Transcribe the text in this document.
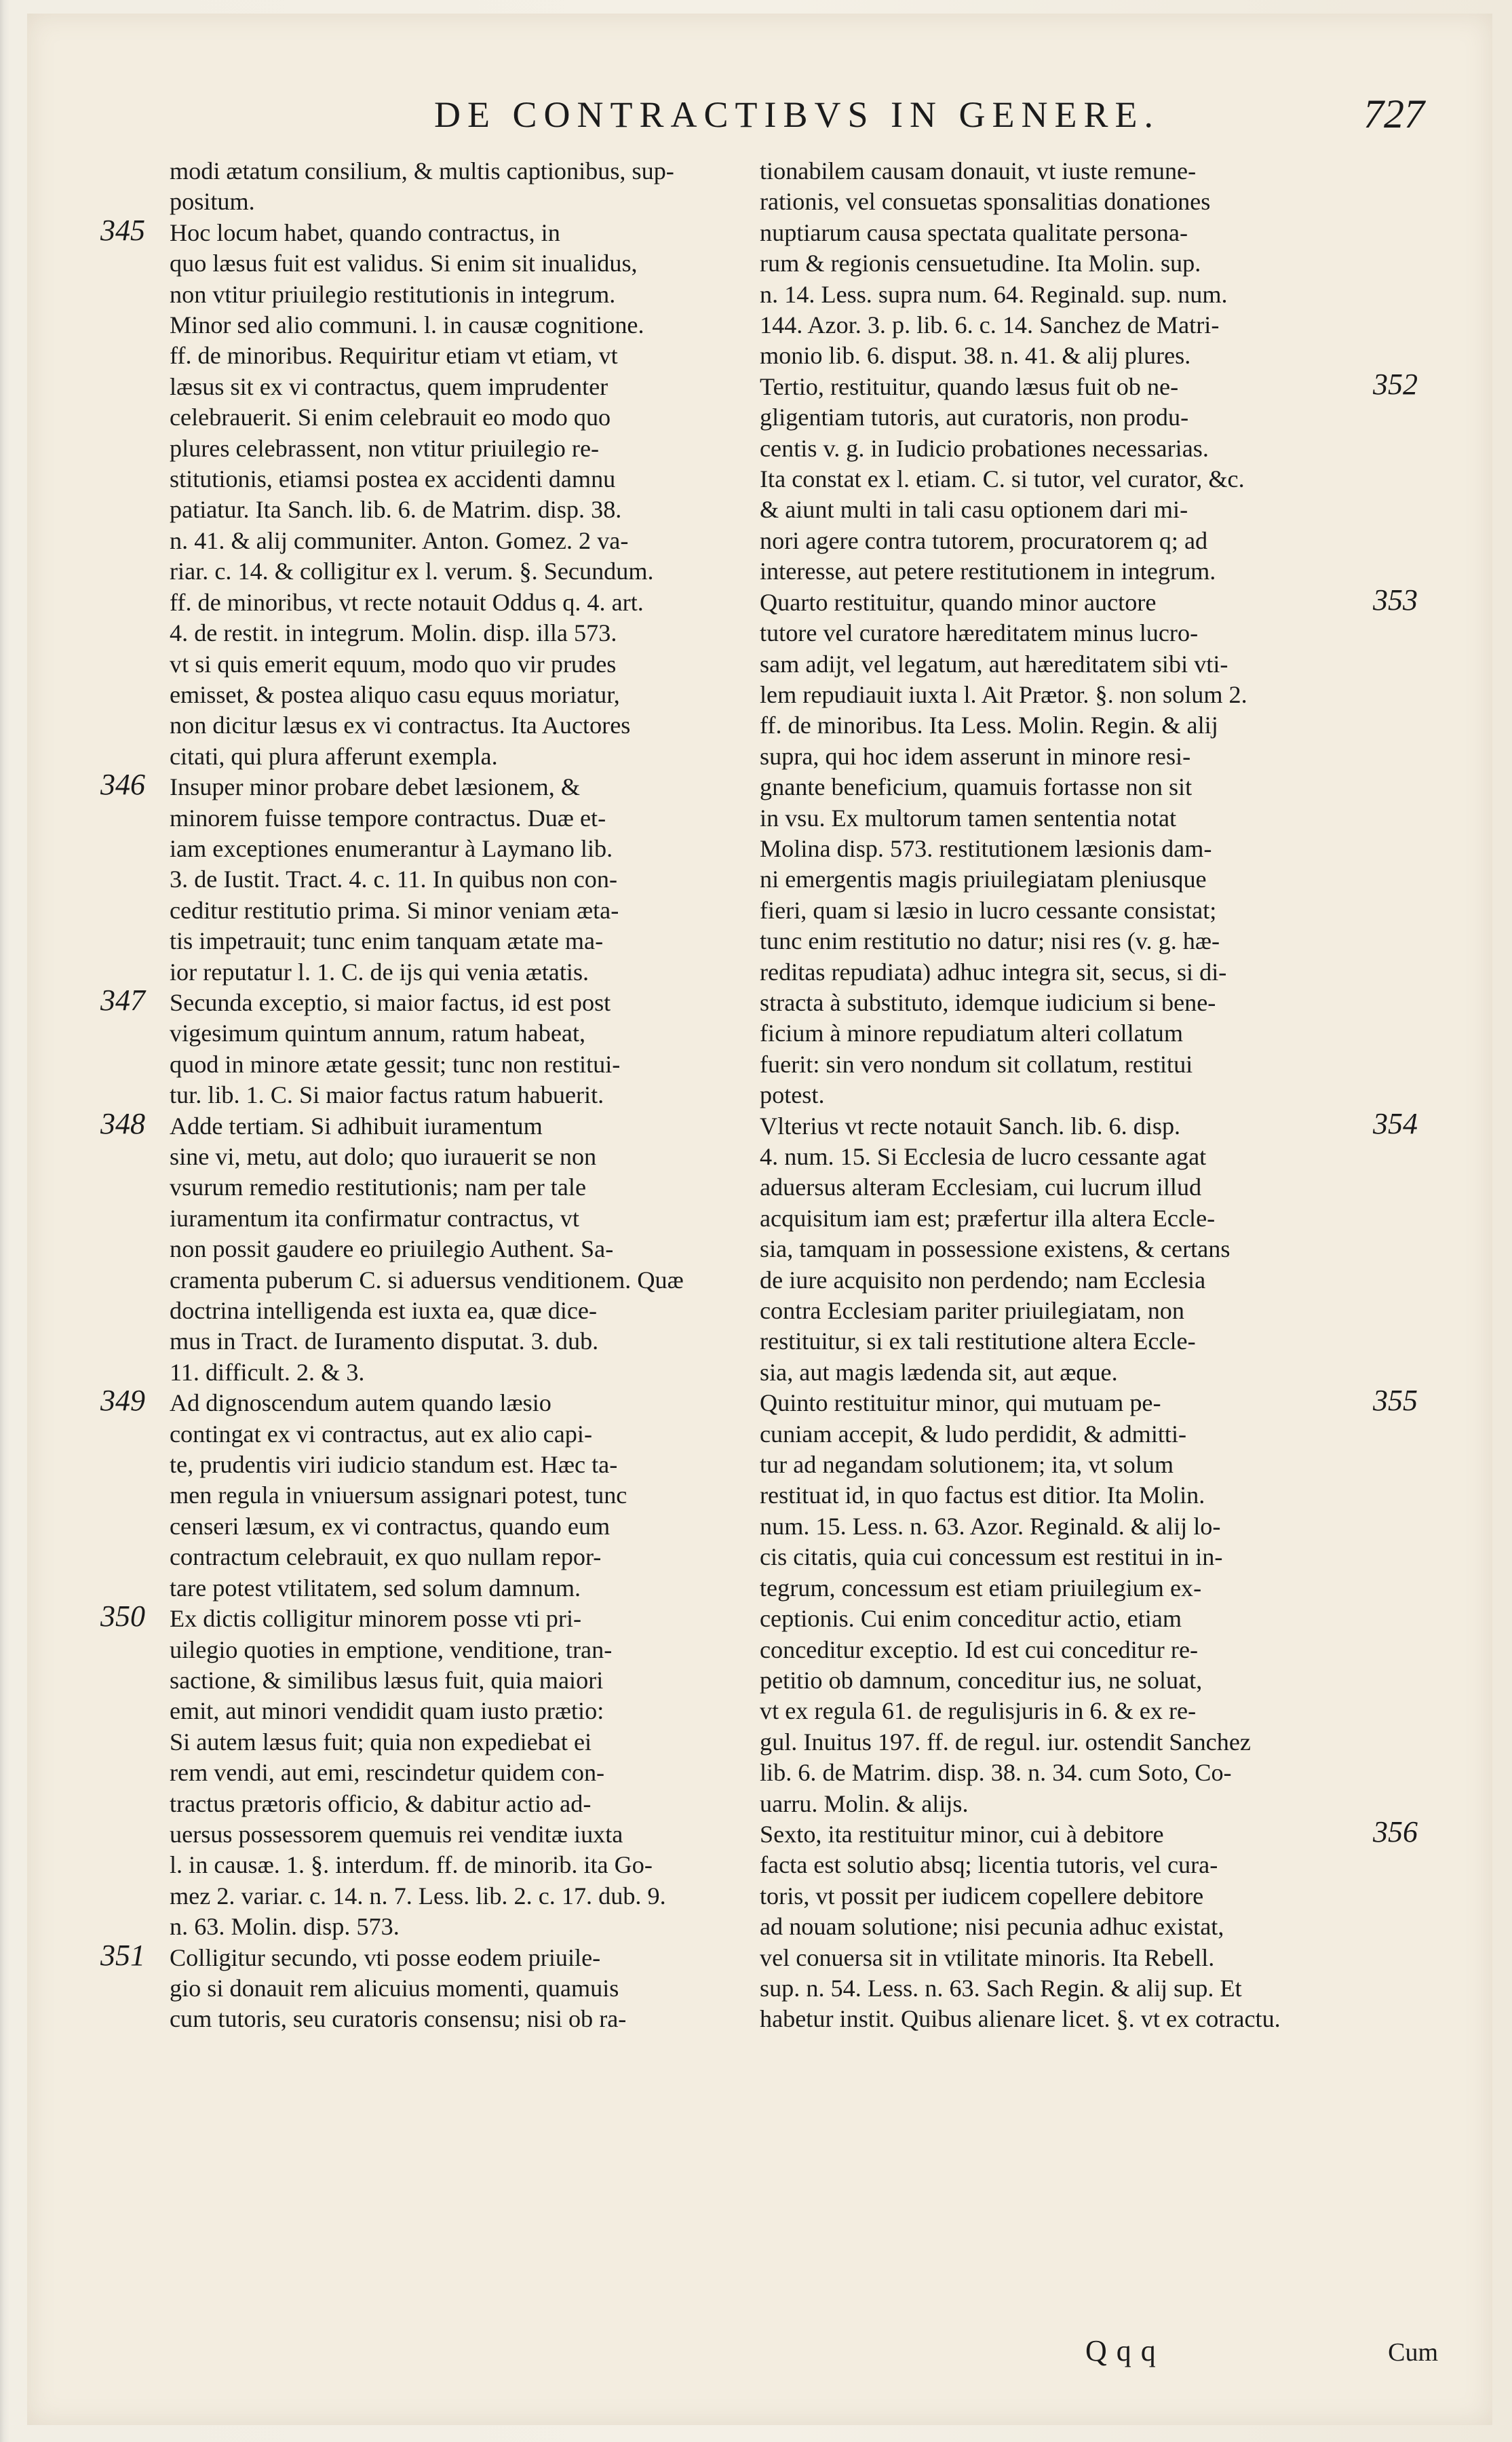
DE CONTRACTIBVS IN GENERE.	727
modi ætatum consilium, & multis captionibus, sup-
positum.
345 Hoc locum habet, quando contractus, in
quo læsus fuit est validus. Si enim sit inualidus,
non vtitur priuilegio restitutionis in integrum.
Minor sed alio communi. l. in causæ cognitione.
ff. de minoribus. Requiritur etiam vt etiam, vt
læsus sit ex vi contractus, quem imprudenter
celebrauerit. Si enim celebrauit eo modo quo
plures celebrassent, non vtitur priuilegio re-
stitutionis, etiamsi postea ex accidenti damnu
patiatur. Ita Sanch. lib. 6. de Matrim. disp. 38.
n. 41. & alij communiter. Anton. Gomez. 2 va-
riar. c. 14. & colligitur ex l. verum. §. Secundum.
ff. de minoribus, vt recte notauit Oddus q. 4. art.
4. de restit. in integrum. Molin. disp. illa 573.
vt si quis emerit equum, modo quo vir prudes
emisset, & postea aliquo casu equus moriatur,
non dicitur læsus ex vi contractus. Ita Auctores
citati, qui plura afferunt exempla.
346 Insuper minor probare debet læsionem, &
minorem fuisse tempore contractus. Duæ et-
iam exceptiones enumerantur à Laymano lib.
3. de Iustit. Tract. 4. c. 11. In quibus non con-
ceditur restitutio prima. Si minor veniam æta-
tis impetrauit; tunc enim tanquam ætate ma-
ior reputatur l. 1. C. de ijs qui venia ætatis.
347 Secunda exceptio, si maior factus, id est post
vigesimum quintum annum, ratum habeat,
quod in minore ætate gessit; tunc non restitui-
tur. lib. 1. C. Si maior factus ratum habuerit.
348 Adde tertiam. Si adhibuit iuramentum
sine vi, metu, aut dolo; quo iurauerit se non
vsurum remedio restitutionis; nam per tale
iuramentum ita confirmatur contractus, vt
non possit gaudere eo priuilegio Authent. Sa-
cramenta puberum C. si aduersus venditionem. Quæ
doctrina intelligenda est iuxta ea, quæ dice-
mus in Tract. de Iuramento disputat. 3. dub.
11. difficult. 2. & 3.
349 Ad dignoscendum autem quando læsio
contingat ex vi contractus, aut ex alio capi-
te, prudentis viri iudicio standum est. Hæc ta-
men regula in vniuersum assignari potest, tunc
censeri læsum, ex vi contractus, quando eum
contractum celebrauit, ex quo nullam repor-
tare potest vtilitatem, sed solum damnum.
350 Ex dictis colligitur minorem posse vti pri-
uilegio quoties in emptione, venditione, tran-
sactione, & similibus læsus fuit, quia maiori
emit, aut minori vendidit quam iusto prætio:
Si autem læsus fuit; quia non expediebat ei
rem vendi, aut emi, rescindetur quidem con-
tractus prætoris officio, & dabitur actio ad-
uersus possessorem quemuis rei venditæ iuxta
l. in causæ. 1. §. interdum. ff. de minorib. ita Go-
mez 2. variar. c. 14. n. 7. Less. lib. 2. c. 17. dub. 9.
n. 63. Molin. disp. 573.
351 Colligitur secundo, vti posse eodem priuile-
gio si donauit rem alicuius momenti, quamuis
cum tutoris, seu curatoris consensu; nisi ob ra-
tionabilem causam donauit, vt iuste remune-
rationis, vel consuetas sponsalitias donationes
nuptiarum causa spectata qualitate persona-
rum & regionis censuetudine. Ita Molin. sup.
n. 14. Less. supra num. 64. Reginald. sup. num.
144. Azor. 3. p. lib. 6. c. 14. Sanchez de Matri-
monio lib. 6. disput. 38. n. 41. & alij plures.
352
Tertio, restituitur, quando læsus fuit ob ne-
gligentiam tutoris, aut curatoris, non produ-
centis v. g. in Iudicio probationes necessarias.
Ita constat ex l. etiam. C. si tutor, vel curator, &c.
& aiunt multi in tali casu optionem dari mi-
nori agere contra tutorem, procuratorem q; ad
interesse, aut petere restitutionem in integrum.
353
Quarto restituitur, quando minor auctore
tutore vel curatore hæreditatem minus lucro-
sam adijt, vel legatum, aut hæreditatem sibi vti-
lem repudiauit iuxta l. Ait Prætor. §. non solum 2.
ff. de minoribus. Ita Less. Molin. Regin. & alij
supra, qui hoc idem asserunt in minore resi-
gnante beneficium, quamuis fortasse non sit
in vsu. Ex multorum tamen sententia notat
Molina disp. 573. restitutionem læsionis dam-
ni emergentis magis priuilegiatam pleniusque
fieri, quam si læsio in lucro cessante consistat;
tunc enim restitutio no datur; nisi res (v. g. hæ-
reditas repudiata) adhuc integra sit, secus, si di-
stracta à substituto, idemque iudicium si bene-
ficium à minore repudiatum alteri collatum
fuerit: sin vero nondum sit collatum, restitui
potest.
354
Vlterius vt recte notauit Sanch. lib. 6. disp.
4. num. 15. Si Ecclesia de lucro cessante agat
aduersus alteram Ecclesiam, cui lucrum illud
acquisitum iam est; præfertur illa altera Eccle-
sia, tamquam in possessione existens, & certans
de iure acquisito non perdendo; nam Ecclesia
contra Ecclesiam pariter priuilegiatam, non
restituitur, si ex tali restitutione altera Eccle-
sia, aut magis lædenda sit, aut æque.
355
Quinto restituitur minor, qui mutuam pe-
cuniam accepit, & ludo perdidit, & admitti-
tur ad negandam solutionem; ita, vt solum
restituat id, in quo factus est ditior. Ita Molin.
num. 15. Less. n. 63. Azor. Reginald. & alij lo-
cis citatis, quia cui concessum est restitui in in-
tegrum, concessum est etiam priuilegium ex-
ceptionis. Cui enim conceditur actio, etiam
conceditur exceptio. Id est cui conceditur re-
petitio ob damnum, conceditur ius, ne soluat,
vt ex regula 61. de regulisjuris in 6. & ex re-
gul. Inuitus 197. ff. de regul. iur. ostendit Sanchez
lib. 6. de Matrim. disp. 38. n. 34. cum Soto, Co-
uarru. Molin. & alijs.
356
Sexto, ita restituitur minor, cui à debitore
facta est solutio absq; licentia tutoris, vel cura-
toris, vt possit per iudicem copellere debitore
ad nouam solutione; nisi pecunia adhuc existat,
vel conuersa sit in vtilitate minoris. Ita Rebell.
sup. n. 54. Less. n. 63. Sach Regin. & alij sup. Et
habetur instit. Quibus alienare licet. §. vt ex cotractu.
Qqq	Cum
